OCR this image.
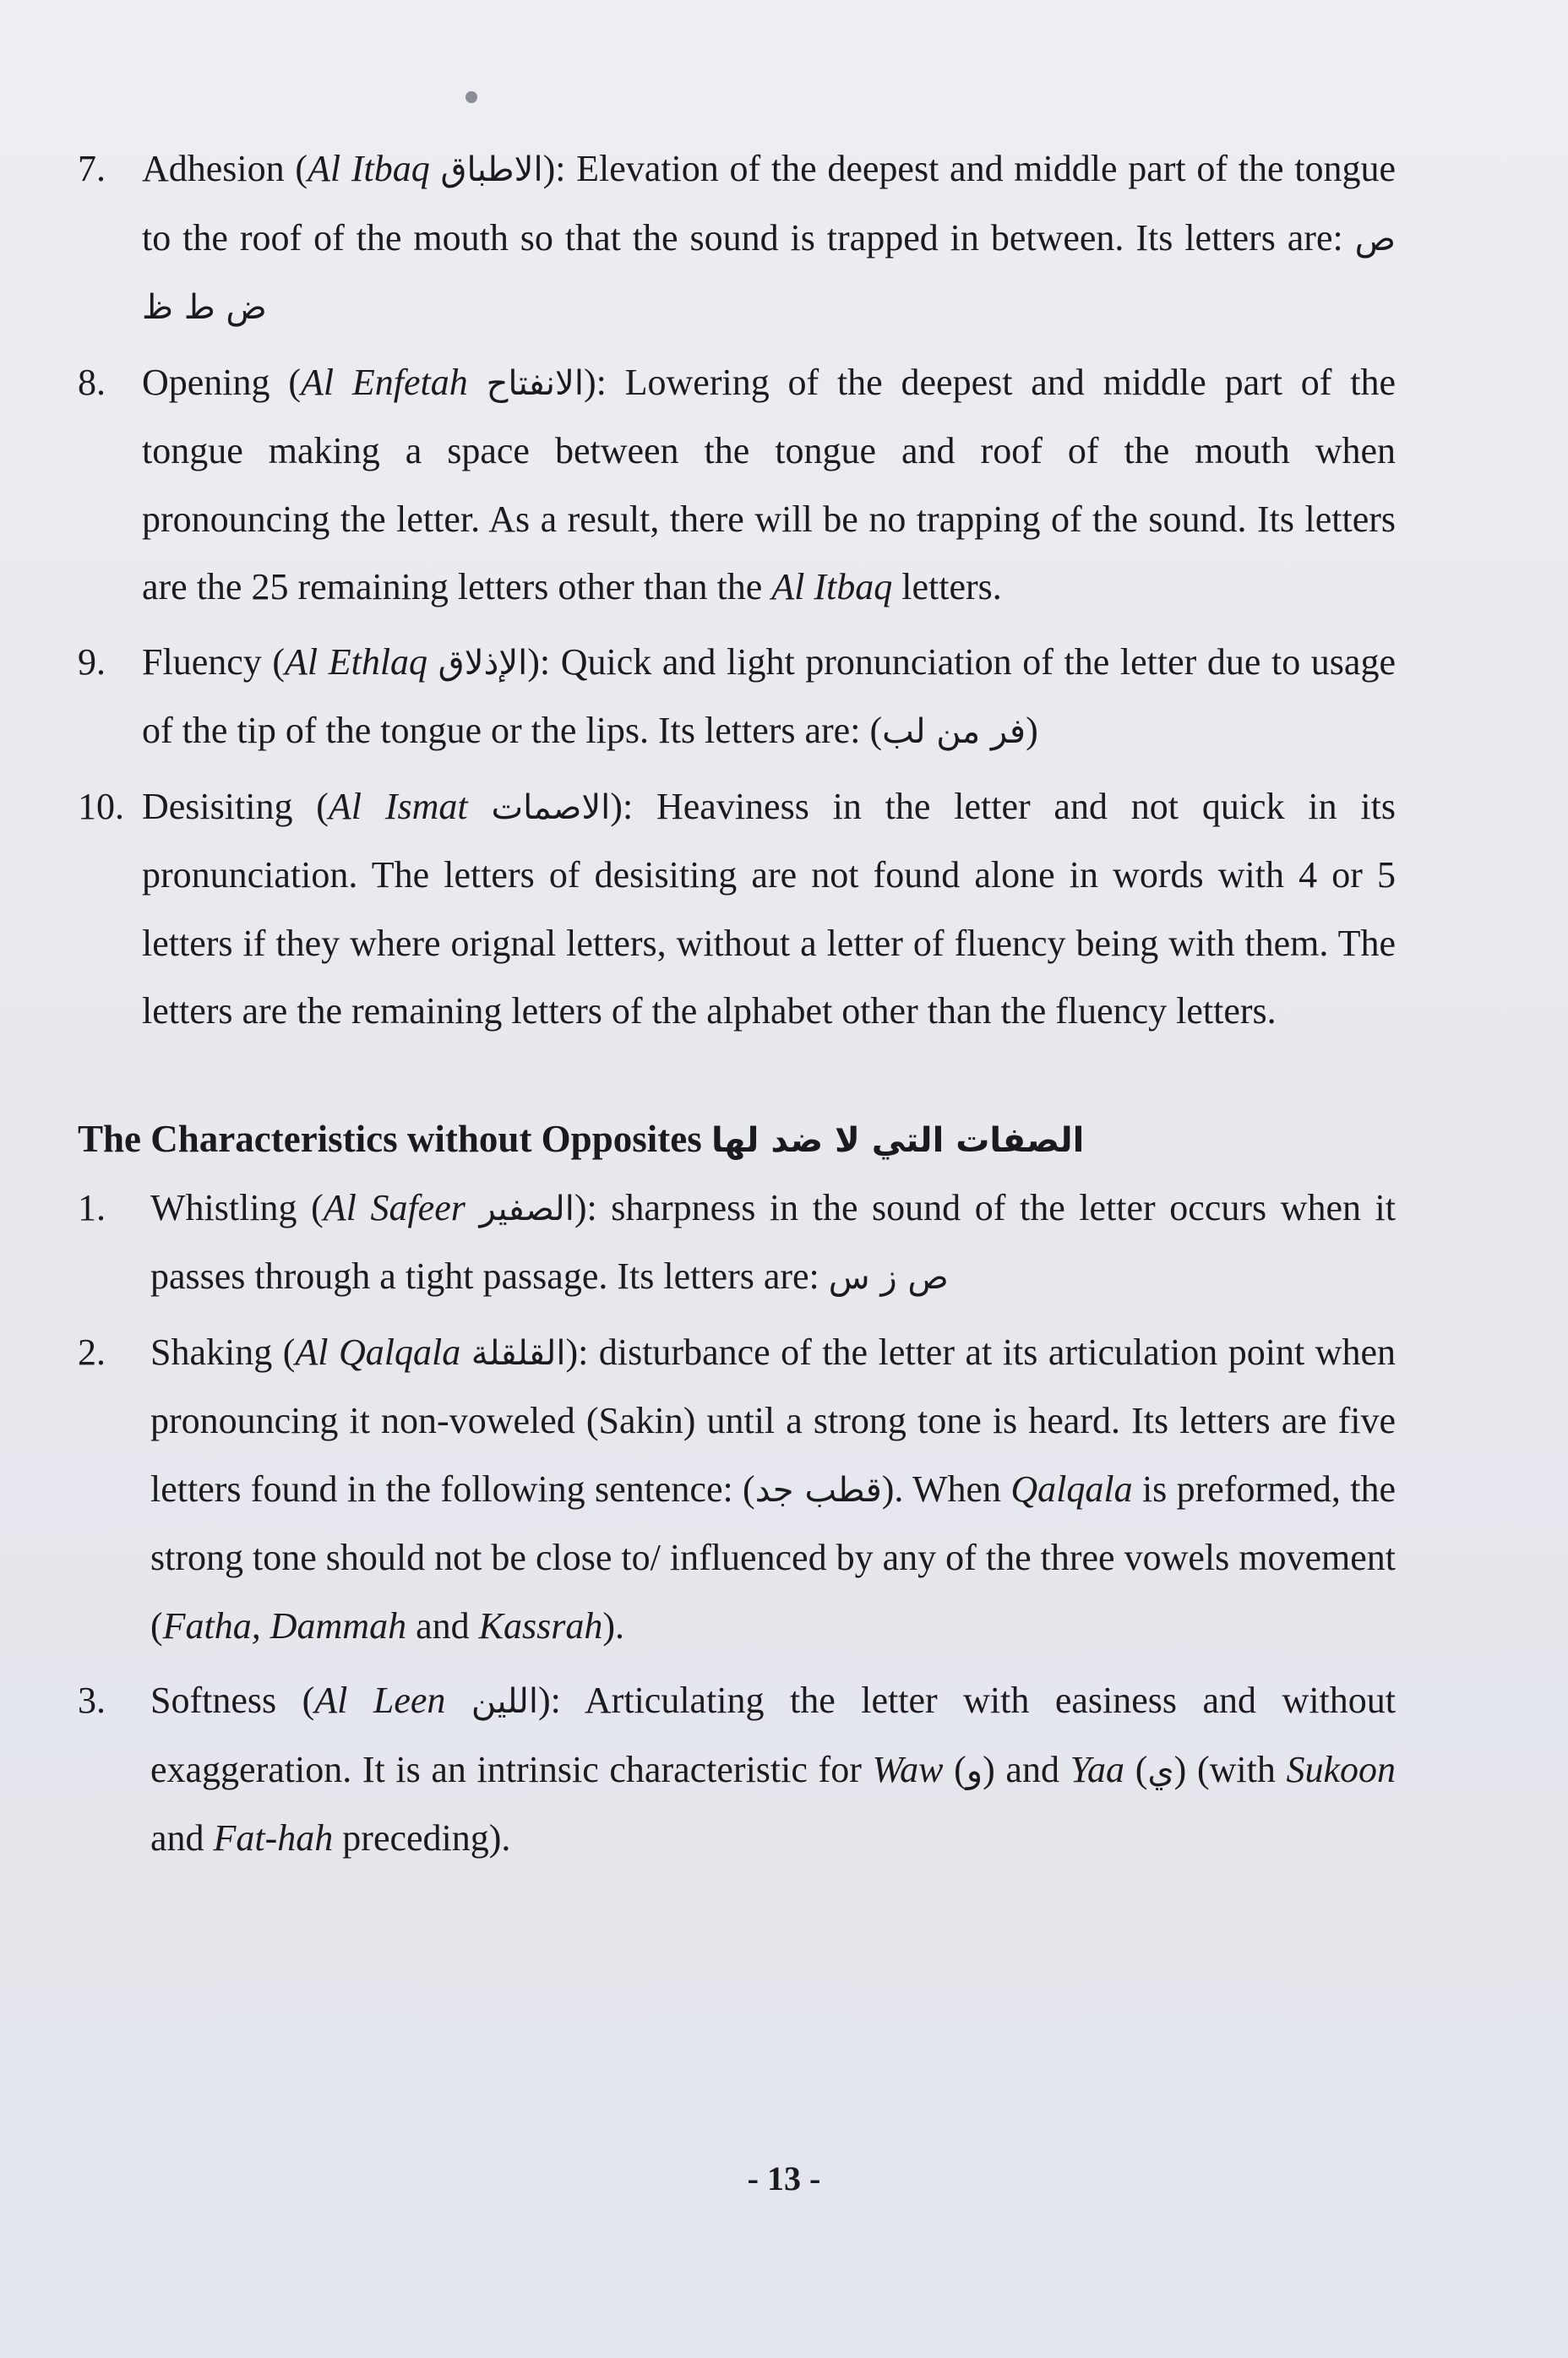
7. Adhesion (Al Itbaq الاطباق): Elevation of the deepest and middle part of the tongue to the roof of the mouth so that the sound is trapped in between. Its letters are: ص ض ط ظ
8. Opening (Al Enfetah الانفتاح): Lowering of the deepest and middle part of the tongue making a space between the tongue and roof of the mouth when pronouncing the letter. As a result, there will be no trapping of the sound. Its letters are the 25 remaining letters other than the Al Itbaq letters.
9. Fluency (Al Ethlaq الإذلاق): Quick and light pronunciation of the letter due to usage of the tip of the tongue or the lips. Its letters are: (فر من لب)
10. Desisiting (Al Ismat الاصمات): Heaviness in the letter and not quick in its pronunciation. The letters of desisiting are not found alone in words with 4 or 5 letters if they where orignal letters, without a letter of fluency being with them. The letters are the remaining letters of the alphabet other than the fluency letters.
The Characteristics without Opposites الصفات التي لا ضد لها
1. Whistling (Al Safeer الصفير): sharpness in the sound of the letter occurs when it passes through a tight passage. Its letters are: ص ز س
2. Shaking (Al Qalqala القلقلة): disturbance of the letter at its articulation point when pronouncing it non-voweled (Sakin) until a strong tone is heard. Its letters are five letters found in the following sentence: (قطب جد). When Qalqala is preformed, the strong tone should not be close to/ influenced by any of the three vowels movement (Fatha, Dammah and Kassrah).
3. Softness (Al Leen اللين): Articulating the letter with easiness and without exaggeration. It is an intrinsic characteristic for Waw (و) and Yaa (ي) (with Sukoon and Fat-hah preceding).
- 13 -
